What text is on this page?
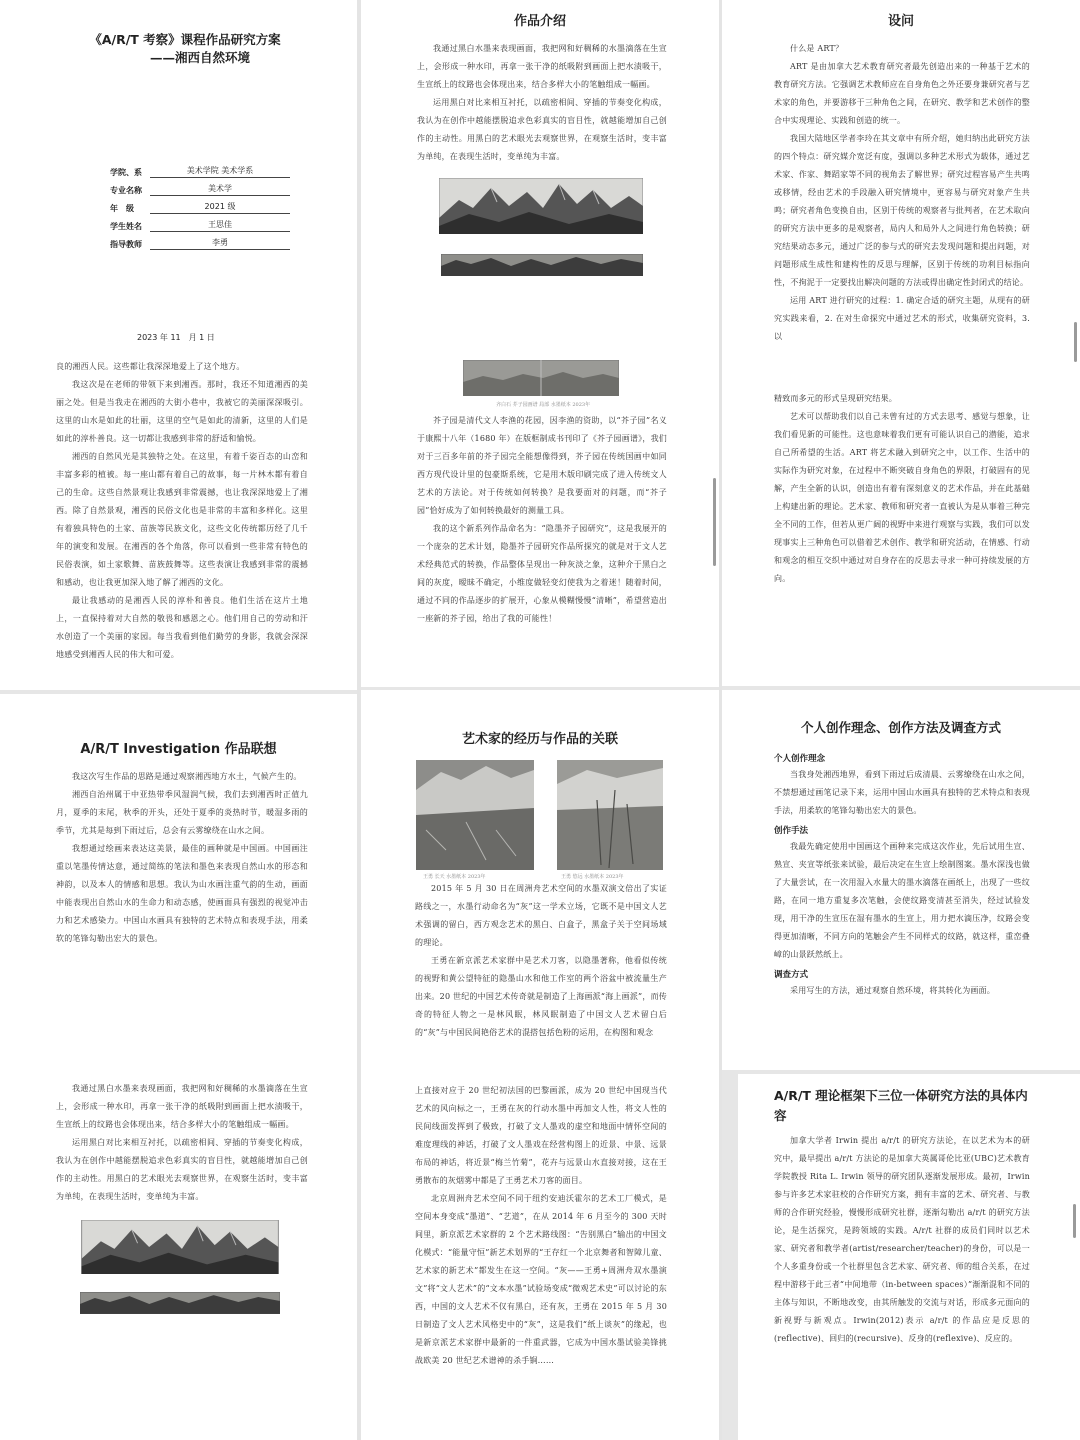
《A/R/T 考察》课程作品研究方案
——湘西自然环境
学院、系	美术学院 美术学系
专业名称	美术学
年　级	2021 级
学生姓名	王思佳
指导教师	李勇
2023 年 11　月 1 日

良的湘西人民。这些都让我深深地爱上了这个地方。

我这次是在老师的带领下来到湘西。那时，我还不知道湘西的美丽之处。但是当我走在湘西的大街小巷中，我被它的美丽深深吸引。这里的山水是如此的壮丽，这里的空气是如此的清新，这里的人们是如此的淳朴善良。这一切都让我感到非常的舒适和愉悦。

湘西的自然风光是其独特之处。在这里，有着千姿百态的山峦和丰富多彩的植被。每一座山都有着自己的故事，每一片林木都有着自己的生命。这些自然景观让我感到非常震撼，也让我深深地爱上了湘西。除了自然景观，湘西的民俗文化也是非常的丰富和多样化。这里有着独具特色的土家、苗族等民族文化，这些文化传统都历经了几千年的演变和发展。在湘西的各个角落，你可以看到一些非常有特色的民俗表演，如土家歌舞、苗族鼓舞等。这些表演让我感到非常的震撼和感动，也让我更加深入地了解了湘西的文化。

最让我感动的是湘西人民的淳朴和善良。他们生活在这片土地上，一直保持着对大自然的敬畏和感恩之心。他们用自己的劳动和汗水创造了一个美丽的家园。每当我看到他们勤劳的身影，我就会深深地感受到湘西人民的伟大和可爱。

作品介绍

我通过黑白水墨来表现画面，我把网和好稠稀的水墨滴落在生宣上，会形成一种水印，再拿一张干净的纸吸附到画面上把水渍吸干，生宣纸上的纹路也会体现出来，结合多样大小的笔触组成一幅画。

运用黑白对比来相互衬托，以疏密相间、穿插的节奏变化构成，我认为在创作中越能摆脱追求色彩真实的盲目性，就越能增加自己创作的主动性。用黑白的艺术眼光去观察世界，在观察生活时，变丰富为单纯，在表现生活时，变单纯为丰富。

齐白石 芥子园画谱 局部 水墨纸本 2023年

芥子园是清代文人李渔的花园，因李渔的资助，以“芥子园”名义于康熙十八年（1680 年）在版框制成书刊印了《芥子园画谱》，我们对于三百多年前的芥子园完全能想像得到，芥子园在传统国画中如同西方现代设计里的包豪斯系统，它是用木版印刷完成了进入传统文人艺术的方法论。对于传统如何转换？是我要面对的问题，而“芥子园”恰好成为了如何转换最好的测量工具。

我的这个新系列作品命名为：“隐墨芥子园研究”，这是我展开的一个庞杂的艺术计划，隐墨芥子园研究作品所探究的就是对于文人艺术经典范式的转换，作品整体呈现出一种灰淡之象，这种介于黑白之间的灰度，暧昧不确定，小维度做轻变幻使我为之着迷！随着时间，通过不同的作品逐步的扩展开，心象从模糊慢慢“清晰”，希望营造出一座新的芥子园，给出了我的可能性！

设问

什么是 ART？

ART 是由加拿大艺术教育研究者最先创造出来的一种基于艺术的教育研究方法。它强调艺术教师应在自身角色之外还要身兼研究者与艺术家的角色，并要游移于三种角色之间，在研究、教学和艺术创作的整合中实现理论、实践和创造的统一。

我国大陆地区学者李玲在其文章中有所介绍，她归纳出此研究方法的四个特点：研究媒介宽泛有度，强调以多种艺术形式为载体，通过艺术家、作家、舞蹈家等不同的视角去了解世界；研究过程容易产生共鸣或移情，经由艺术的手段融入研究情境中，更容易与研究对象产生共鸣；研究者角色变换自由，区别于传统的观察者与批判者，在艺术取向的研究方法中更多的是观察者，局内人和局外人之间进行角色转换；研究结果动态多元，通过广泛的参与式的研究去发现问题和提出问题，对问题形成生成性和建构性的反思与理解，区别于传统的功利目标指向性，不拘泥于一定要找出解决问题的方法或得出确定性封闭式的结论。

运用 ART 进行研究的过程：1. 确定合适的研究主题，从现有的研究实践来看，2. 在对生命探究中通过艺术的形式，收集研究资料，3. 以

精致而多元的形式呈现研究结果。

艺术可以帮助我们以自己未曾有过的方式去思考、感觉与想象，让我们看见新的可能性。这也意味着我们更有可能认识自己的潜能，追求自己所希望的生活。ART 将艺术融入到研究之中，以工作、生活中的实际作为研究对象，在过程中不断突破自身角色的界限，打破固有的见解，产生全新的认识，创造出有着有深刻意义的艺术作品，并在此基础上构建出新的理论。艺术家、教师和研究者一直被认为是从事着三种完全不同的工作，但若从更广阔的视野中来进行观察与实践，我们可以发现事实上三种角色可以借着艺术创作、教学和研究活动，在情感、行动和观念的相互交织中通过对自身存在的反思去寻求一种可持续发展的方向。

A/R/T Investigation 作品联想

我这次写生作品的思路是通过观察湘西地方水土，气候产生的。

湘西自治州属于中亚热带季风湿润气候，我们去到湘西时正值九月，夏季的末尾，秋季的开头，还处于夏季的炎热时节，暖湿多雨的季节，尤其是每到下雨过后，总会有云雾缭绕在山水之间。

我想通过绘画来表达这美景，最佳的画种就是中国画。中国画注重以笔墨传情达意，通过简练的笔法和墨色来表现自然山水的形态和神韵，以及本人的情感和思想。我认为山水画注重气韵的生动，画面中能表现出自然山水的生命力和动态感，使画面具有强烈的视觉冲击力和艺术感染力。中国山水画具有独特的艺术特点和表现手法，用柔软的笔锋勾勒出宏大的景色。

我通过黑白水墨来表现画面，我把网和好稠稀的水墨滴落在生宣上，会形成一种水印，再拿一张干净的纸吸附到画面上把水渍吸干，生宣纸上的纹路也会体现出来，结合多样大小的笔触组成一幅画。

运用黑白对比来相互衬托，以疏密相间、穿插的节奏变化构成，我认为在创作中越能摆脱追求色彩真实的盲目性，就越能增加自己创作的主动性。用黑白的艺术眼光去观察世界，在观察生活时，变丰富为单纯，在表现生活时，变单纯为丰富。

艺术家的经历与作品的关联
王勇 长天 水墨纸本 2023年	王勇 悠远 水墨纸本 2023年

2015 年 5 月 30 日在周洲舟艺术空间的水墨双演文倍出了实证路线之一，水墨行动命名为“灰”这一学术立场，它既不是中国文人艺术强调的留白，西方观念艺术的黑白、白盒子，黑盒子关于空间场域的理论。

王勇在新京派艺术家群中是艺术刀客，以隐墨著称，他看似传统的视野和黄公望特征的隐墨山水和他工作室的两个浴盆中被流量生产出来。20 世纪的中国艺术传奇就是制造了上海画派“海上画派”，而传奇的特征人物之一是林风眠，林风眠制造了中国文人艺术留白后的“灰”与中国民间艳俗艺术的混搭包括色粉的运用，在构图和观念

上直接对应于 20 世纪初法国的巴黎画派，成为 20 世纪中国现当代艺术的风向标之一，王勇在灰的行动水墨中再加文人性，将文人性的民间线面发挥到了极致，打破了文人墨戏的虚空和地面中情怀空间的难度理线的神话，打破了文人墨戏在经营构图上的近景、中景、远景布局的神话，将近景“梅兰竹菊”，花卉与远景山水直接对接，这在王勇散布的灰烟雾中都是了王勇艺术刀客的面目。

北京周洲舟艺术空间不同于纽约安迪沃霍尔的艺术工厂模式，是空间本身变成“墨道”、“艺道”，在从 2014 年 6 月至今的 300 天时间里，新京派艺术家群的 2 个艺术路线图：“告别黑白”输出的中国文化模式：“能量守恒”新艺术划界的“王存红一个北京舞者和智障儿童、艺术家的新艺术”都发生在这一空间。“灰——王勇+周洲舟双水墨演文”将“文人艺术”的“文本水墨”试验场变成“微观艺术史”可以讨论的东西，中国的文人艺术不仅有黑白，还有灰，王勇在 2015 年 5 月 30 日制造了文人艺术风格史中的“灰”，这是我们“纸上谈灰”的缘起，也是新京派艺术家群中最新的一件重武器，它成为中国水墨试验美锋挑战欧美 20 世纪艺术谱神的杀手锏……

个人创作理念、创作方法及调查方式
个人创作理念

当我身处湘西地界，看到下雨过后成清晨、云雾缭绕在山水之间，不禁想通过画笔记录下来，运用中国山水画具有独特的艺术特点和表现手法，用柔软的笔锋勾勒出宏大的景色。

创作手法

我最先确定使用中国画这个画种来完成这次作业，先后试用生宣、熟宣、夹宣等纸张来试验，最后决定在生宣上绘制图案。墨水深浅也做了大量尝试，在一次用湿入水量大的墨水滴落在画纸上，出现了一些纹路，在同一地方重复多次笔触，会使纹路变清甚至消失，经过试验发现，用干净的生宣压在湿有墨水的生宣上，用力把水滴压净，纹路会变得更加清晰，不同方向的笔触会产生不同样式的纹路，就这样，重峦叠嶂的山景跃然纸上。

调查方式

采用写生的方法，通过观察自然环境，将其转化为画面。

A/R/T 理论框架下三位一体研究方法的具体内容

加拿大学者 Irwin 提出 a/r/t 的研究方法论，在以艺术为本的研究中，最早提出 a/r/t 方法论的是加拿大英属哥伦比亚(UBC)艺术教育学院教授 Rita L. Irwin 领导的研究团队逐渐发展形成。最初，Irwin 参与许多艺术家驻校的合作研究方案，拥有丰富的艺术、研究者、与教师的合作研究经验，慢慢形成研究社群，逐渐勾勒出 a/r/t 的研究方法论，是生活探究，是跨领域的实践。A/r/t 社群的成员们同时以艺术家、研究者和教学者(artist/researcher/teacher)的身份，可以是一个人多重身份或一个社群里包含艺术家、研究者、师的组合关系，在过程中游移于此三者“中间地带（in-between spaces）”渐渐混和不同的主体与知识，不断地改变，由其所触发的交流与对话，形成多元面向的新视野与新观点。Irwin(2012)表示 a/r/t 的作品应是反思的(reflective)、回归的(recursive)、反身的(reflexive)、反应的。
